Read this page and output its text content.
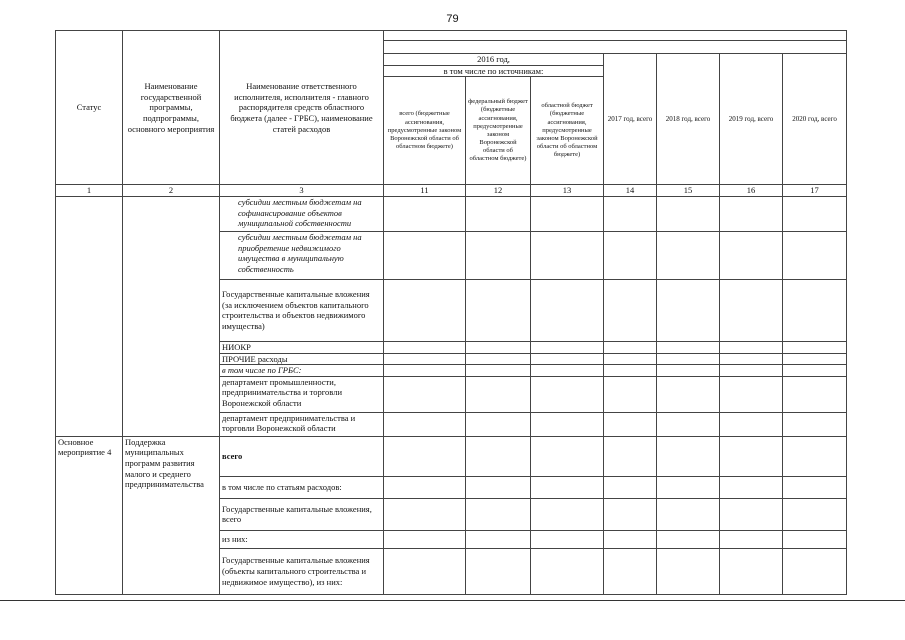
79
Статус	Наименование государственной программы, подпрограммы, основного мероприятия	Наименование ответственного исполнителя, исполнителя - главного распорядителя средств областного бюджета (далее - ГРБС), наименование статей расходов							

			2016 год,			2017 год, всего	2018 год, всего	2019 год, всего	2020 год, всего
			в том числе по источникам:						
			всего (бюджетные ассигнования, предусмотренные законом Воронежской области об областном бюджете)	федеральный бюджет (бюджетные ассигнования, предусмотренные законом Воронежской области об областном бюджете)	областной бюджет (бюджетные ассигнования, предусмотренные законом Воронежской области об областном бюджете)				
1	2	3	11	12	13	14	15	16	17
		субсидии местным бюджетам на софинансирование объектов муниципальной собственности							
		субсидии местным бюджетам на приобретение недвижимого имущества в муниципальную собственность							
		Государственные капитальные вложения (за исключением объектов капитального строительства и объектов недвижимого имущества)							
		НИОКР							
		ПРОЧИЕ расходы							
		в том числе по ГРБС:							
		департамент промышленности, предпринимательства и торговли Воронежской области							
		департамент предпринимательства и торговли Воронежской области							
Основное мероприятие 4	Поддержка муниципальных программ развития малого и среднего предпринимательства	всего							
		в том числе по статьям расходов:							
		Государственные капитальные вложения, всего							
		из них:							
		Государственные капитальные вложения (объекты капитального строительства и недвижимое имущество), из них:							
